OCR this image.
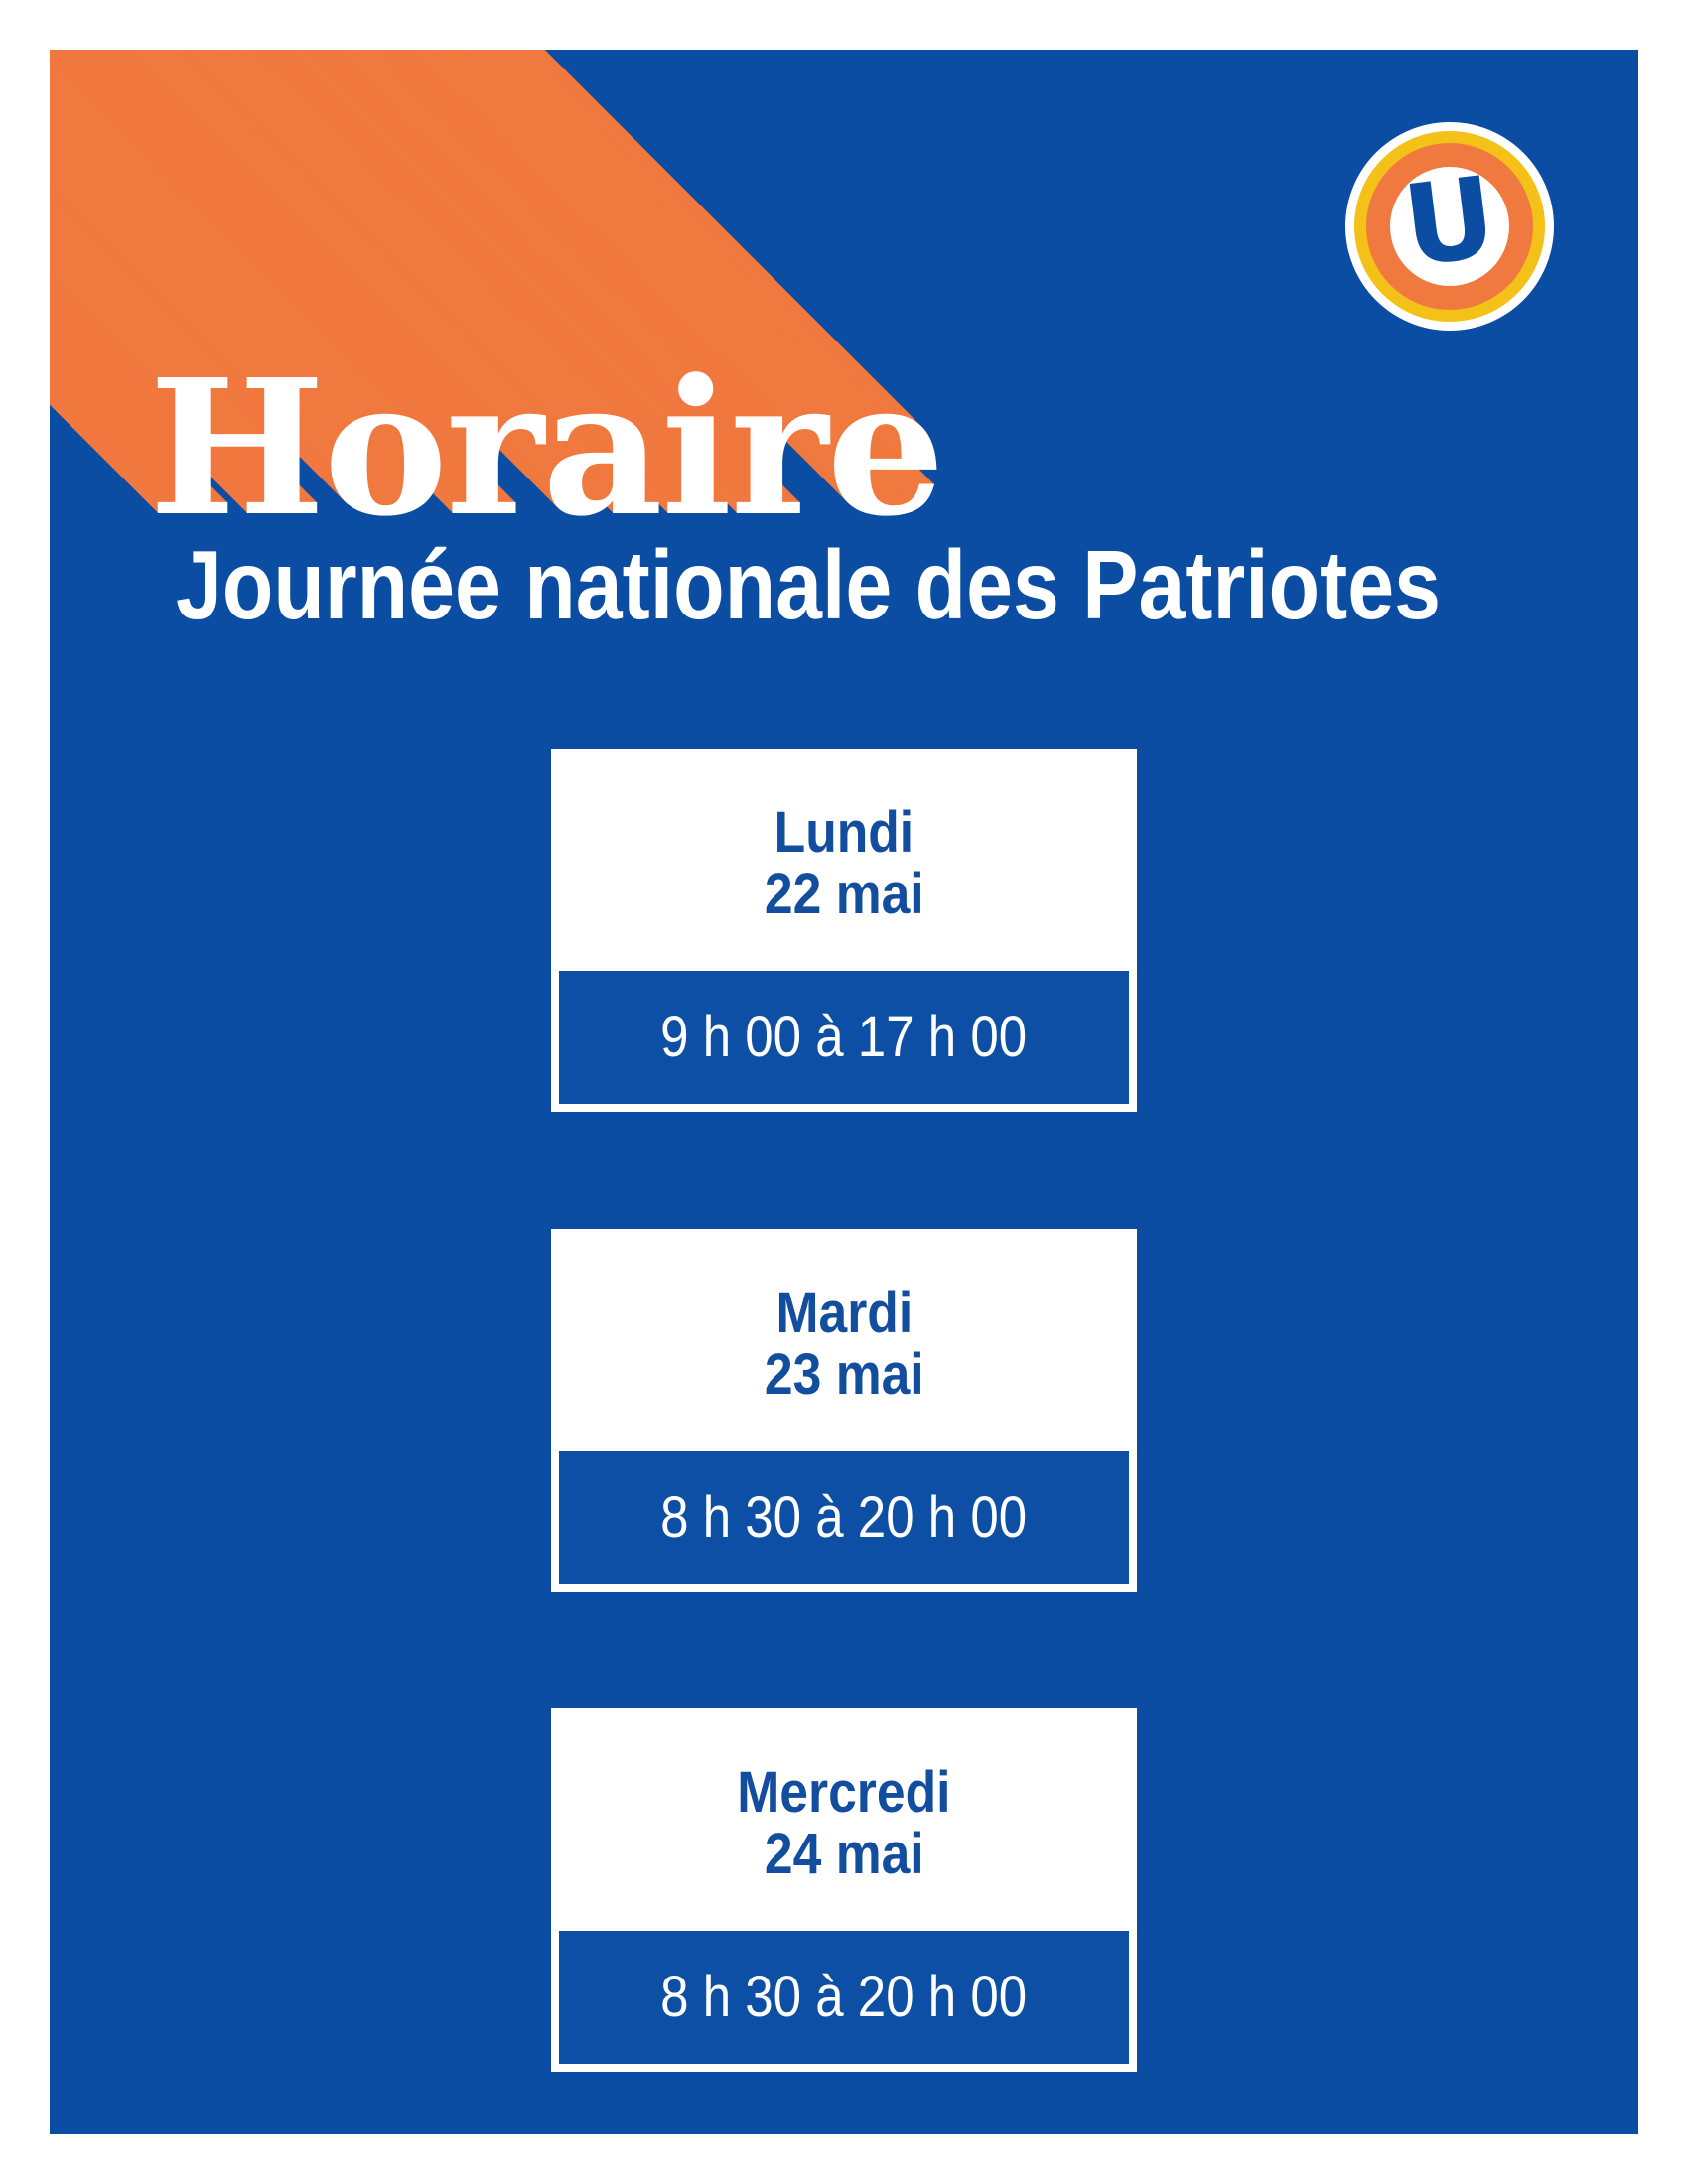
Horaire
Journée nationale des Patriotes
U
Lundi
22 mai
9 h 00 à 17 h 00
Mardi
23 mai
8 h 30 à 20 h 00
Mercredi
24 mai
8 h 30 à 20 h 00
